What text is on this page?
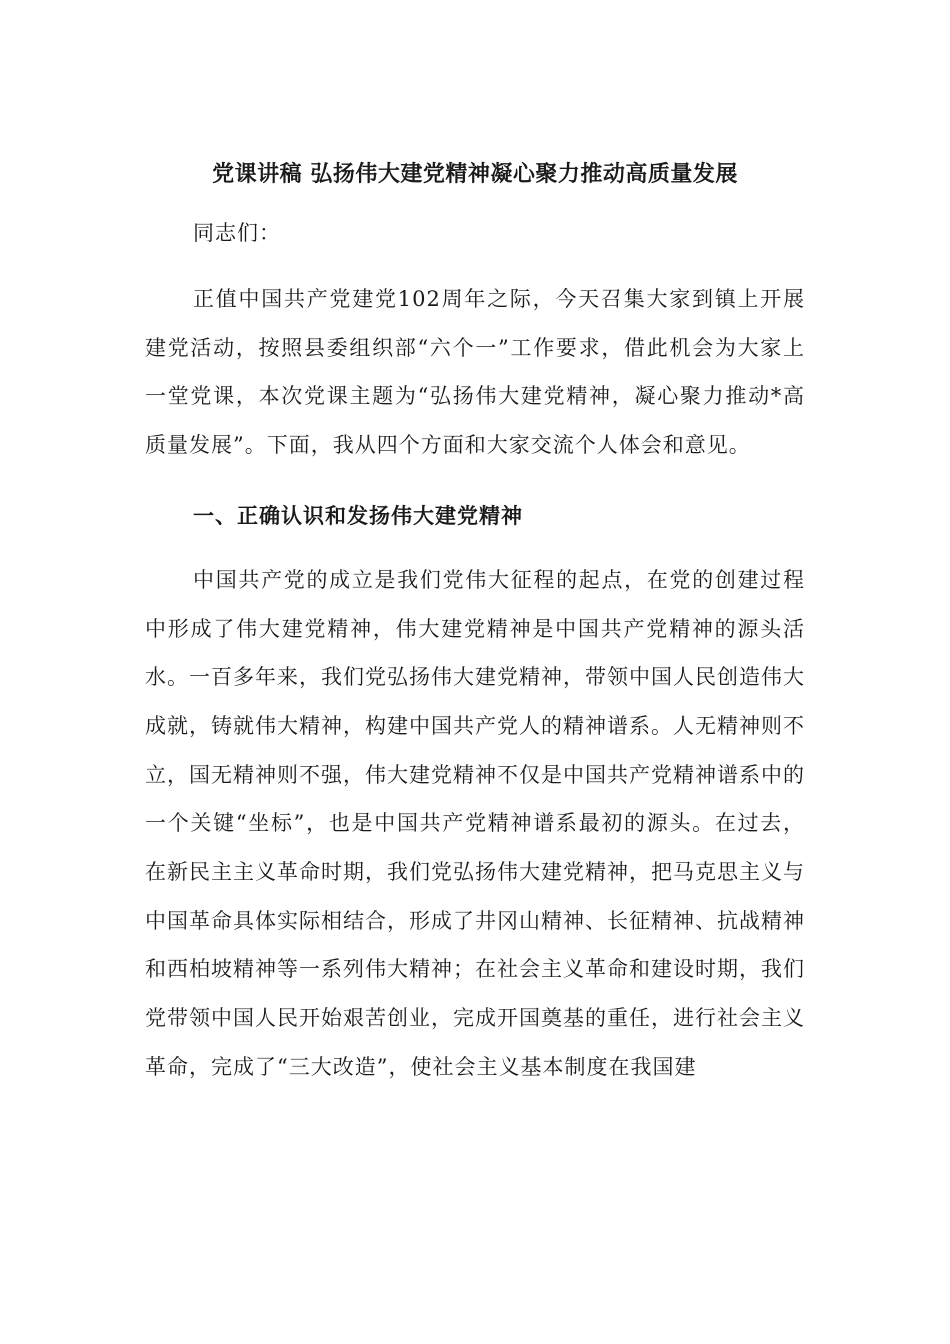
党课讲稿 弘扬伟大建党精神凝心聚力推动高质量发展

同志们：

正值中国共产党建党102周年之际，今天召集大家到镇上开展建党活动，按照县委组织部“六个一”工作要求，借此机会为大家上一堂党课，本次党课主题为“弘扬伟大建党精神，凝心聚力推动*高质量发展”。下面，我从四个方面和大家交流个人体会和意见。

一、正确认识和发扬伟大建党精神

中国共产党的成立是我们党伟大征程的起点，在党的创建过程中形成了伟大建党精神，伟大建党精神是中国共产党精神的源头活水。一百多年来，我们党弘扬伟大建党精神，带领中国人民创造伟大成就，铸就伟大精神，构建中国共产党人的精神谱系。人无精神则不立，国无精神则不强，伟大建党精神不仅是中国共产党精神谱系中的一个关键“坐标”，也是中国共产党精神谱系最初的源头。在过去，在新民主主义革命时期，我们党弘扬伟大建党精神，把马克思主义与中国革命具体实际相结合，形成了井冈山精神、长征精神、抗战精神和西柏坡精神等一系列伟大精神；在社会主义革命和建设时期，我们党带领中国人民开始艰苦创业，完成开国奠基的重任，进行社会主义革命，完成了“三大改造”，使社会主义基本制度在我国建
